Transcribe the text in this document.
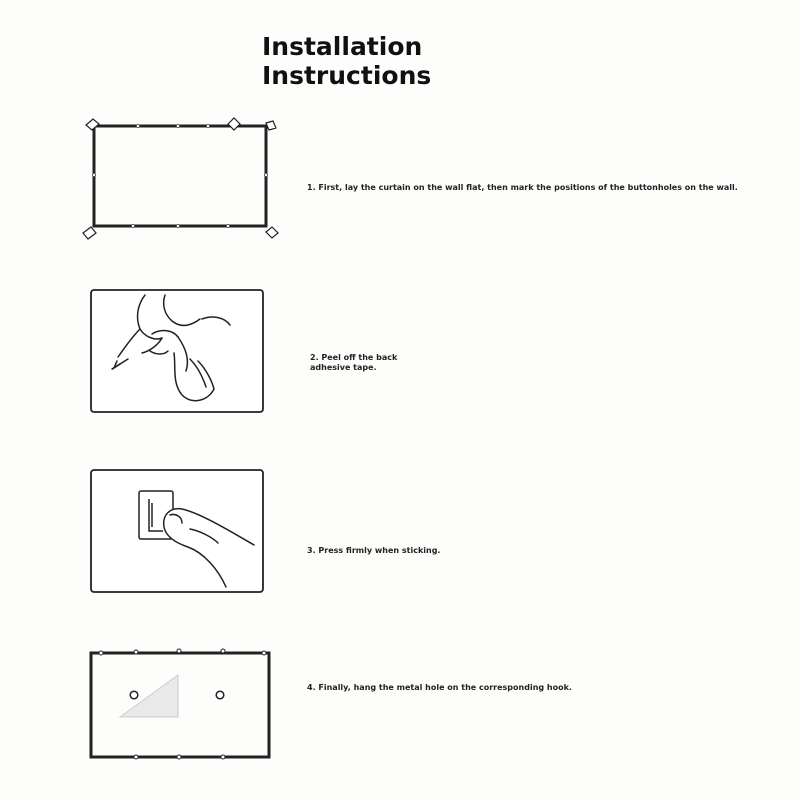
Installation
Instructions

1. First, lay the curtain on the wall flat, then mark the positions of the buttonholes on the wall.

2. Peel off the back adhesive tape.

3. Press firmly when sticking.

4. Finally, hang the metal hole on the corresponding hook.
